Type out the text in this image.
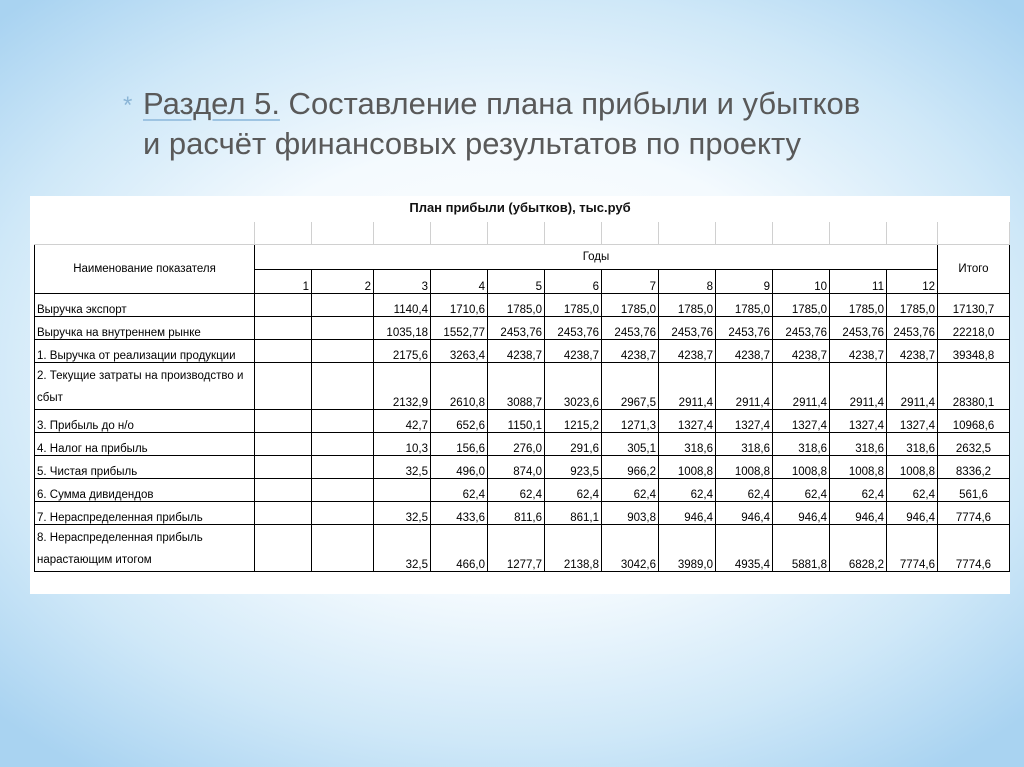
* Раздел 5. Составление плана прибыли и убытков и расчёт финансовых результатов по проекту
План прибыли (убытков), тыс.руб

Наименование показателя	Годы												Итого
	1	2	3	4	5	6	7	8	9	10	11	12	
Выручка экспорт			1140,4	1710,6	1785,0	1785,0	1785,0	1785,0	1785,0	1785,0	1785,0	1785,0	17130,7
Выручка на внутреннем рынке			1035,18	1552,77	2453,76	2453,76	2453,76	2453,76	2453,76	2453,76	2453,76	2453,76	22218,0
1. Выручка от реализации продукции			2175,6	3263,4	4238,7	4238,7	4238,7	4238,7	4238,7	4238,7	4238,7	4238,7	39348,8
2. Текущие затраты на производство и сбыт			2132,9	2610,8	3088,7	3023,6	2967,5	2911,4	2911,4	2911,4	2911,4	2911,4	28380,1
3. Прибыль до н/о			42,7	652,6	1150,1	1215,2	1271,3	1327,4	1327,4	1327,4	1327,4	1327,4	10968,6
4. Налог на прибыль			10,3	156,6	276,0	291,6	305,1	318,6	318,6	318,6	318,6	318,6	2632,5
5. Чистая прибыль			32,5	496,0	874,0	923,5	966,2	1008,8	1008,8	1008,8	1008,8	1008,8	8336,2
6. Сумма дивидендов				62,4	62,4	62,4	62,4	62,4	62,4	62,4	62,4	62,4	561,6
7. Нераспределенная прибыль			32,5	433,6	811,6	861,1	903,8	946,4	946,4	946,4	946,4	946,4	7774,6
8. Нераспределенная прибыль нарастающим итогом			32,5	466,0	1277,7	2138,8	3042,6	3989,0	4935,4	5881,8	6828,2	7774,6	7774,6
